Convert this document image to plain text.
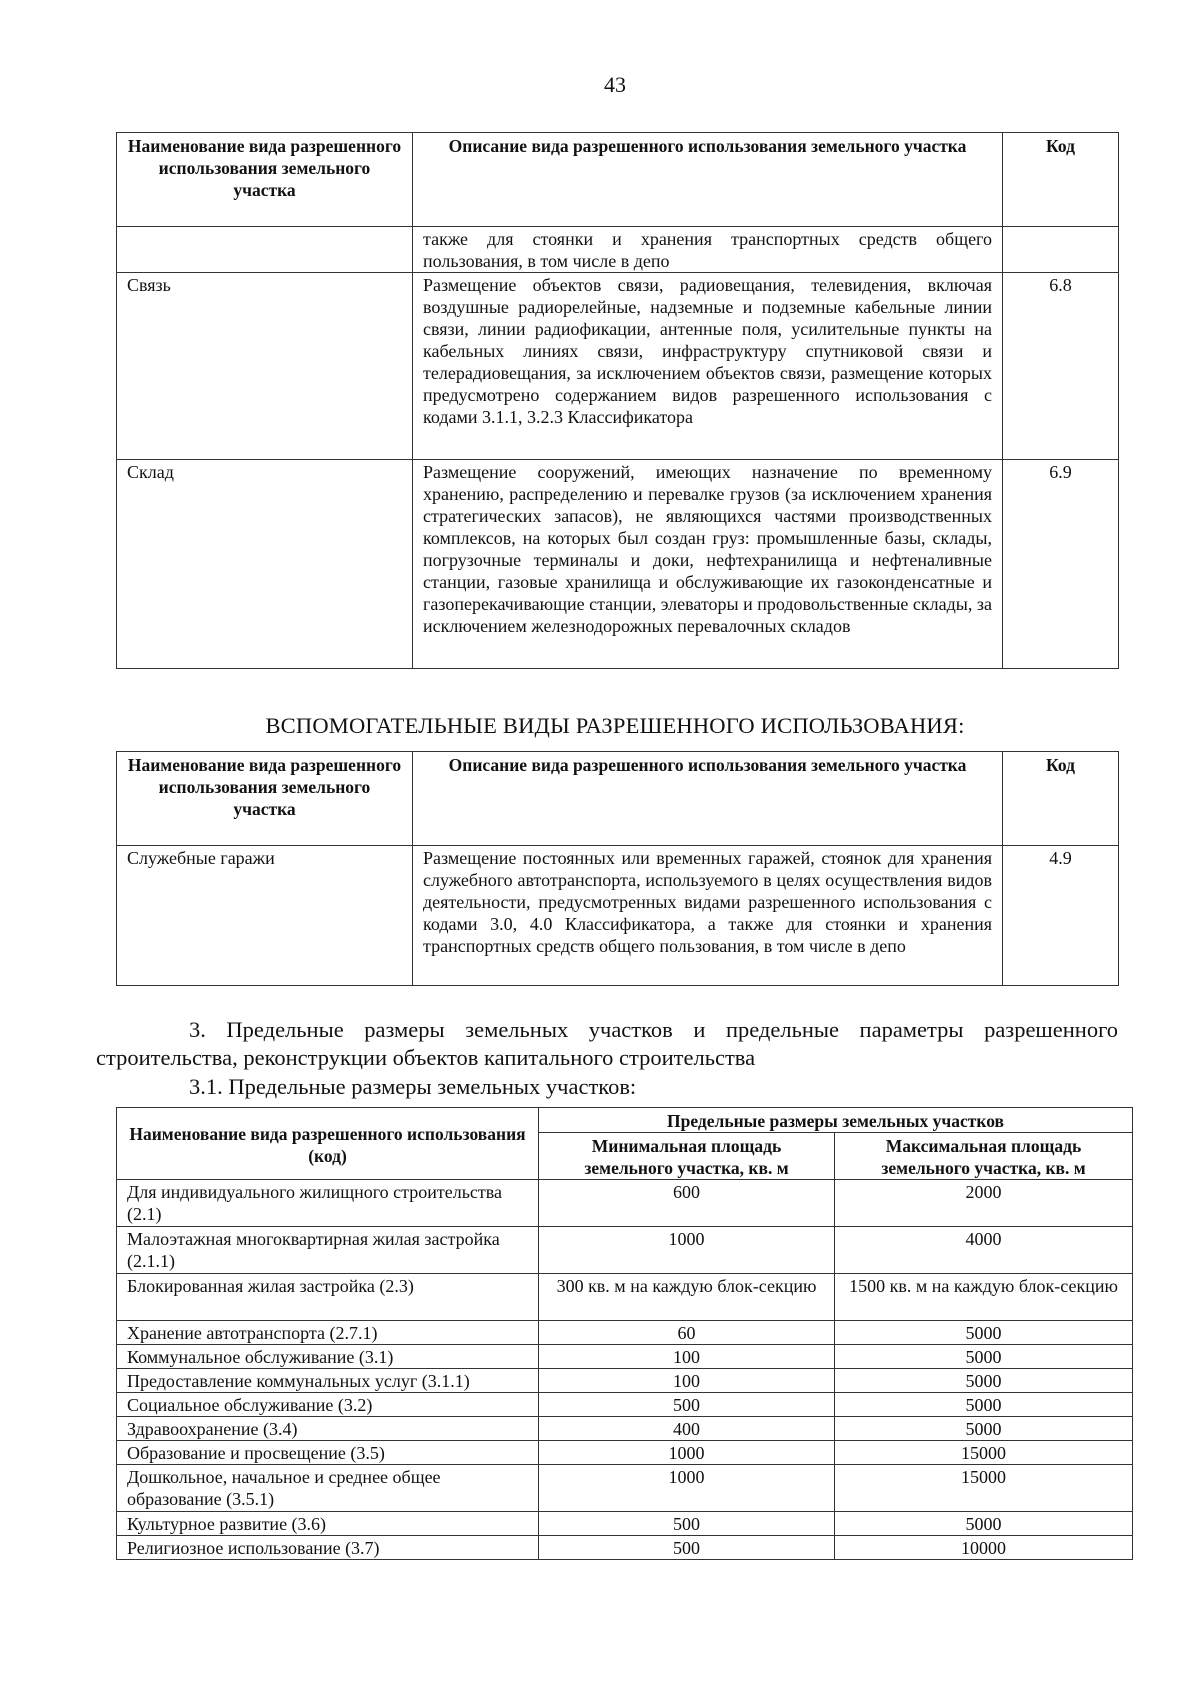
43
Наименование вида разрешенного использования земельного участка	Описание вида разрешенного использования земельного участка	Код
	также для стоянки и хранения транспортных средств общего пользования, в том числе в депо	
Связь	Размещение объектов связи, радиовещания, телевидения, включая воздушные радиорелейные, надземные и подземные кабельные линии связи, линии радиофикации, антенные поля, усилительные пункты на кабельных линиях связи, инфраструктуру спутниковой связи и телерадиовещания, за исключением объектов связи, размещение которых предусмотрено содержанием видов разрешенного использования с кодами 3.1.1, 3.2.3 Классификатора	6.8
Склад	Размещение сооружений, имеющих назначение по временному хранению, распределению и перевалке грузов (за исключением хранения стратегических запасов), не являющихся частями производственных комплексов, на которых был создан груз: промышленные базы, склады, погрузочные терминалы и доки, нефтехранилища и нефтеналивные станции, газовые хранилища и обслуживающие их газоконденсатные и газоперекачивающие станции, элеваторы и продовольственные склады, за исключением железнодорожных перевалочных складов	6.9
ВСПОМОГАТЕЛЬНЫЕ ВИДЫ РАЗРЕШЕННОГО ИСПОЛЬЗОВАНИЯ:
Наименование вида разрешенного использования земельного участка	Описание вида разрешенного использования земельного участка	Код
Служебные гаражи	Размещение постоянных или временных гаражей, стоянок для хранения служебного автотранспорта, используемого в целях осуществления видов деятельности, предусмотренных видами разрешенного использования с кодами 3.0, 4.0 Классификатора, а также для стоянки и хранения транспортных средств общего пользования, в том числе в депо	4.9
3. Предельные размеры земельных участков и предельные параметры разрешенного строительства, реконструкции объектов капитального строительства
3.1. Предельные размеры земельных участков:
Наименование вида разрешенного использования (код)	Предельные размеры земельных участков	
	Минимальная площадь земельного участка, кв. м	Максимальная площадь земельного участка, кв. м
Для индивидуального жилищного строительства (2.1)	600	2000
Малоэтажная многоквартирная жилая застройка (2.1.1)	1000	4000
Блокированная жилая застройка (2.3)	300 кв. м на каждую блок-секцию	1500 кв. м на каждую блок-секцию
Хранение автотранспорта (2.7.1)	60	5000
Коммунальное обслуживание (3.1)	100	5000
Предоставление коммунальных услуг (3.1.1)	100	5000
Социальное обслуживание (3.2)	500	5000
Здравоохранение (3.4)	400	5000
Образование и просвещение (3.5)	1000	15000
Дошкольное, начальное и среднее общее образование (3.5.1)	1000	15000
Культурное развитие (3.6)	500	5000
Религиозное использование (3.7)	500	10000
